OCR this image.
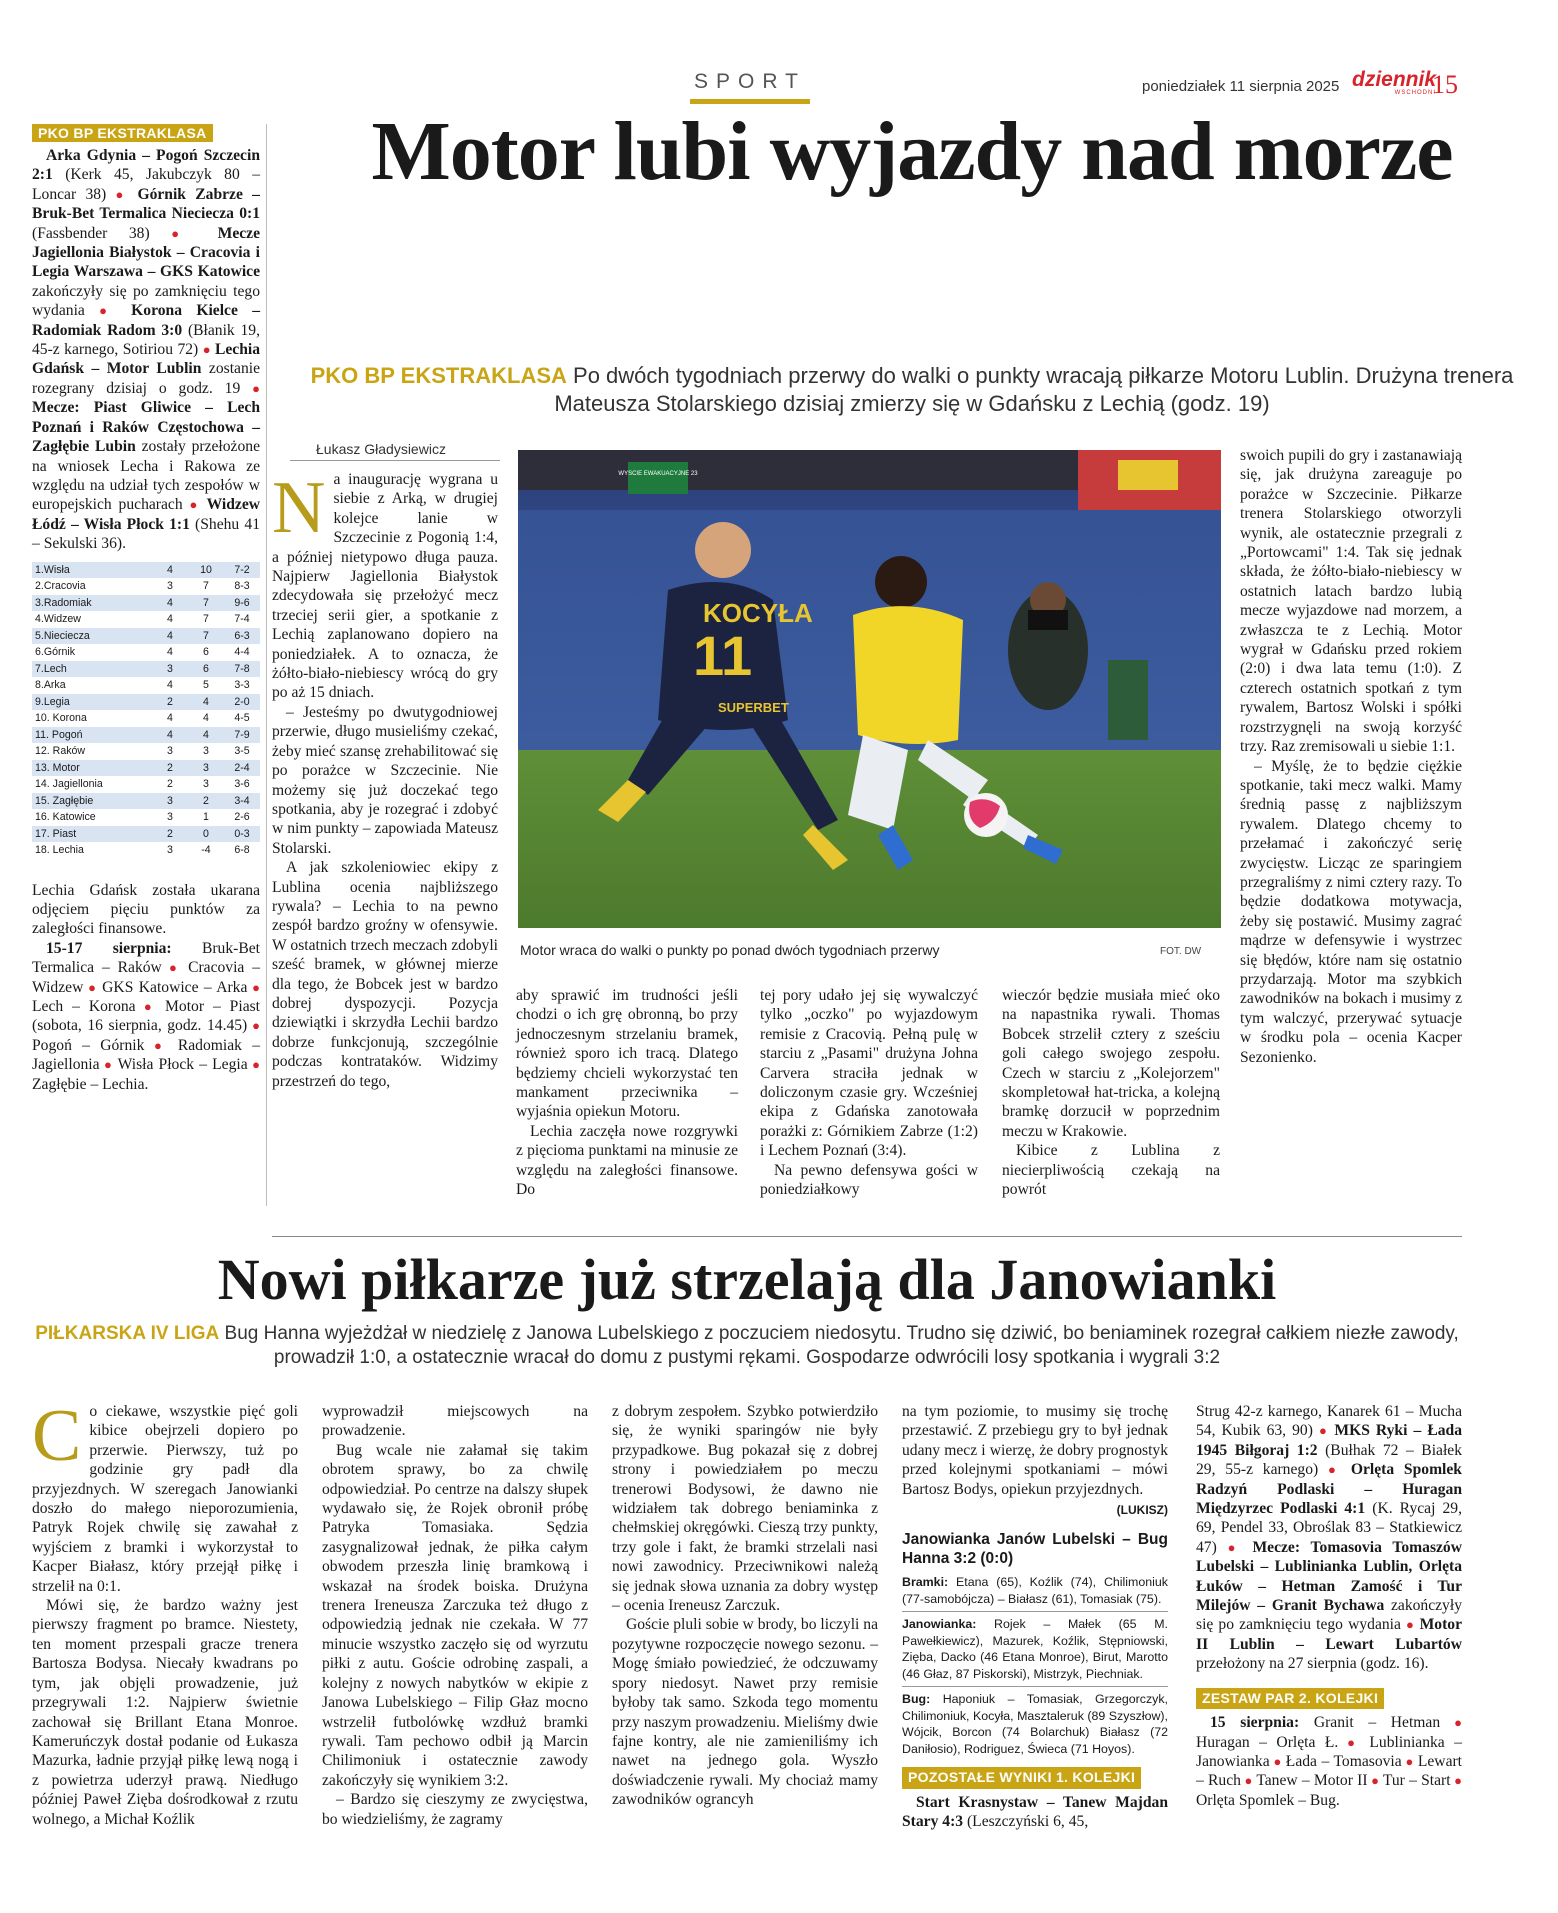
SPORT	poniedziałek 11 sierpnia 2025 dziennik
WSCHODNI
15
PKO BP EKSTRAKLASA

Arka Gdynia – Pogoń Szczecin 2:1 (Kerk 45, Jakubczyk 80 –Loncar 38) ● Górnik Zabrze – Bruk-Bet Termalica Nieciecza 0:1 (Fassbender 38) ● Mecze Jagiellonia Białystok – Cracovia i Legia Warszawa – GKS Katowice zakończyły się po zamknięciu tego wydania ● Korona Kielce – Radomiak Radom 3:0 (Błanik 19, 45-z karnego, Sotiriou 72) ● Lechia Gdańsk – Motor Lublin zostanie rozegrany dzisiaj o godz. 19 ● Mecze: Piast Gliwice – Lech Poznań i Raków Częstochowa – Zagłębie Lubin zostały przełożone na wniosek Lecha i Rakowa ze względu na udział tych zespołów w europejskich pucharach ● Widzew Łódź – Wisła Płock 1:1 (Shehu 41 – Sekulski 36).

1.Wisła	4	10	7-2
2.Cracovia	3	7	8-3
3.Radomiak	4	7	9-6
4.Widzew	4	7	7-4
5.Nieciecza	4	7	6-3
6.Górnik	4	6	4-4
7.Lech	3	6	7-8
8.Arka	4	5	3-3
9.Legia	2	4	2-0
10. Korona	4	4	4-5
11. Pogoń	4	4	7-9
12. Raków	3	3	3-5
13. Motor	2	3	2-4
14. Jagiellonia	2	3	3-6
15. Zagłębie	3	2	3-4
16. Katowice	3	1	2-6
17. Piast	2	0	0-3
18. Lechia	3	-4	6-8

Lechia Gdańsk została ukarana odjęciem pięciu punktów za zaległości finansowe.

15-17 sierpnia: Bruk-Bet Termalica – Raków ● Cracovia – Widzew ● GKS Katowice – Arka ● Lech – Korona ● Motor – Piast (sobota, 16 sierpnia, godz. 14.45) ● Pogoń – Górnik ● Radomiak – Jagiellonia ● Wisła Płock – Legia ● Zagłębie – Lechia.

Motor lubi wyjazdy nad morze
PKO BP EKSTRAKLASA Po dwóch tygodniach przerwy do walki o punkty wracają piłkarze Motoru Lublin. Drużyna trenera Mateusza Stolarskiego dzisiaj zmierzy się w Gdańsku z Lechią (godz. 19)
Łukasz Gładysiewicz
WYSCIE EWAKUACYJNE 23
KOCYŁA
11
SUPERBET
Motor wraca do walki o punkty po ponad dwóch tygodniach przerwy	FOT. DW

Na inaugurację wygrana u siebie z Arką, w drugiej kolejce lanie w Szczecinie z Pogonią 1:4, a później nietypowo długa pauza. Najpierw Jagiellonia Białystok zdecydowała się przełożyć mecz trzeciej serii gier, a spotkanie z Lechią zaplanowano dopiero na poniedziałek. A to oznacza, że żółto-biało-niebiescy wrócą do gry po aż 15 dniach.

– Jesteśmy po dwutygodniowej przerwie, długo musieliśmy czekać, żeby mieć szansę zrehabilitować się po porażce w Szczecinie. Nie możemy się już doczekać tego spotkania, aby je rozegrać i zdobyć w nim punkty – zapowiada Mateusz Stolarski.

A jak szkoleniowiec ekipy z Lublina ocenia najbliższego rywala? – Lechia to na pewno zespół bardzo groźny w ofensywie. W ostatnich trzech meczach zdobyli sześć bramek, w głównej mierze dla tego, że Bobcek jest w bardzo dobrej dyspozycji. Pozycja dziewiątki i skrzydła Lechii bardzo dobrze funkcjonują, szczególnie podczas kontrataków. Widzimy przestrzeń do tego,

aby sprawić im trudności jeśli chodzi o ich grę obronną, bo przy jednoczesnym strzelaniu bramek, również sporo ich tracą. Dlatego będziemy chcieli wykorzystać ten mankament przeciwnika – wyjaśnia opiekun Motoru.

Lechia zaczęła nowe rozgrywki z pięcioma punktami na minusie ze względu na zaległości finansowe. Do

tej pory udało jej się wywalczyć tylko „oczko" po wyjazdowym remisie z Cracovią. Pełną pulę w starciu z „Pasami" drużyna Johna Carvera straciła jednak w doliczonym czasie gry. Wcześniej ekipa z Gdańska zanotowała porażki z: Górnikiem Zabrze (1:2) i Lechem Poznań (3:4).

Na pewno defensywa gości w poniedziałkowy

wieczór będzie musiała mieć oko na napastnika rywali. Thomas Bobcek strzelił cztery z sześciu goli całego swojego zespołu. Czech w starciu z „Kolejorzem" skompletował hat-tricka, a kolejną bramkę dorzucił w poprzednim meczu w Krakowie.

Kibice z Lublina z niecierpliwością czekają na powrót

swoich pupili do gry i zastanawiają się, jak drużyna zareaguje po porażce w Szczecinie. Piłkarze trenera Stolarskiego otworzyli wynik, ale ostatecznie przegrali z „Portowcami" 1:4. Tak się jednak składa, że żółto-biało-niebiescy w ostatnich latach bardzo lubią mecze wyjazdowe nad morzem, a zwłaszcza te z Lechią. Motor wygrał w Gdańsku przed rokiem (2:0) i dwa lata temu (1:0). Z czterech ostatnich spotkań z tym rywalem, Bartosz Wolski i spółki rozstrzygnęli na swoją korzyść trzy. Raz zremisowali u siebie 1:1.

– Myślę, że to będzie ciężkie spotkanie, taki mecz walki. Mamy średnią passę z najbliższym rywalem. Dlatego chcemy to przełamać i zakończyć serię zwycięstw. Licząc ze sparingiem przegraliśmy z nimi cztery razy. To będzie dodatkowa motywacja, żeby się postawić. Musimy zagrać mądrze w defensywie i wystrzec się błędów, które nam się ostatnio przydarzają. Motor ma szybkich zawodników na bokach i musimy z tym walczyć, przerywać sytuacje w środku pola – ocenia Kacper Sezonienko.

Nowi piłkarze już strzelają dla Janowianki
PIŁKARSKA IV LIGA Bug Hanna wyjeżdżał w niedzielę z Janowa Lubelskiego z poczuciem niedosytu. Trudno się dziwić, bo beniaminek rozegrał całkiem niezłe zawody, prowadził 1:0, a ostatecznie wracał do domu z pustymi rękami. Gospodarze odwrócili losy spotkania i wygrali 3:2

Co ciekawe, wszystkie pięć goli kibice obejrzeli dopiero po przerwie. Pierwszy, tuż po godzinie gry padł dla przyjezdnych. W szeregach Janowianki doszło do małego nieporozumienia, Patryk Rojek chwilę się zawahał z wyjściem z bramki i wykorzystał to Kacper Białasz, który przejął piłkę i strzelił na 0:1.

Mówi się, że bardzo ważny jest pierwszy fragment po bramce. Niestety, ten moment przespali gracze trenera Bartosza Bodysa. Niecały kwadrans po tym, jak objęli prowadzenie, już przegrywali 1:2. Najpierw świetnie zachował się Brillant Etana Monroe. Kameruńczyk dostał podanie od Łukasza Mazurka, ładnie przyjął piłkę lewą nogą i z powietrza uderzył prawą. Niedługo później Paweł Zięba dośrodkował z rzutu wolnego, a Michał Koźlik

wyprowadził miejscowych na prowadzenie.

Bug wcale nie załamał się takim obrotem sprawy, bo za chwilę odpowiedział. Po centrze na dalszy słupek wydawało się, że Rojek obronił próbę Patryka Tomasiaka. Sędzia zasygnalizował jednak, że piłka całym obwodem przeszła linię bramkową i wskazał na środek boiska. Drużyna trenera Ireneusza Zarczuka też długo z odpowiedzią jednak nie czekała. W 77 minucie wszystko zaczęło się od wyrzutu piłki z autu. Goście odrobinę zaspali, a kolejny z nowych nabytków w ekipie z Janowa Lubelskiego – Filip Głaz mocno wstrzelił futbolówkę wzdłuż bramki rywali. Tam pechowo odbił ją Marcin Chilimoniuk i ostatecznie zawody zakończyły się wynikiem 3:2.

– Bardzo się cieszymy ze zwycięstwa, bo wiedzieliśmy, że zagramy

z dobrym zespołem. Szybko potwierdziło się, że wyniki sparingów nie były przypadkowe. Bug pokazał się z dobrej strony i powiedziałem po meczu trenerowi Bodysowi, że dawno nie widziałem tak dobrego beniaminka z chełmskiej okręgówki. Cieszą trzy punkty, trzy gole i fakt, że bramki strzelali nasi nowi zawodnicy. Przeciwnikowi należą się jednak słowa uznania za dobry występ – ocenia Ireneusz Zarczuk.

Goście pluli sobie w brody, bo liczyli na pozytywne rozpoczęcie nowego sezonu. – Mogę śmiało powiedzieć, że odczuwamy spory niedosyt. Nawet przy remisie byłoby tak samo. Szkoda tego momentu przy naszym prowadzeniu. Mieliśmy dwie fajne kontry, ale nie zamieniliśmy ich nawet na jednego gola. Wyszło doświadczenie rywali. My chociaż mamy zawodników ograncyh

na tym poziomie, to musimy się trochę przestawić. Z przebiegu gry to był jednak udany mecz i wierzę, że dobry prognostyk przed kolejnymi spotkaniami – mówi Bartosz Bodys, opiekun przyjezdnych.

(LUKISZ)
Janowianka Janów Lubelski – Bug Hanna 3:2 (0:0)
Bramki: Etana (65), Koźlik (74), Chilimoniuk (77-samobójcza) – Białasz (61), Tomasiak (75).
Janowianka: Rojek – Małek (65 M. Pawełkiewicz), Mazurek, Koźlik, Stępniowski, Zięba, Dacko (46 Etana Monroe), Birut, Marotto (46 Głaz, 87 Piskorski), Mistrzyk, Piechniak.
Bug: Haponiuk – Tomasiak, Grzegorczyk, Chilimoniuk, Kocyła, Masztaleruk (89 Szyszłow), Wójcik, Borcon (74 Bolarchuk) Białasz (72 Daniłosio), Rodriguez, Świeca (71 Hoyos).
POZOSTAŁE WYNIKI 1. KOLEJKI

Start Krasnystaw – Tanew Majdan Stary 4:3 (Leszczyński 6, 45,

Strug 42-z karnego, Kanarek 61 – Mucha 54, Kubik 63, 90) ● MKS Ryki – Łada 1945 Biłgoraj 1:2 (Bułhak 72 – Białek 29, 55-z karnego) ● Orlęta Spomlek Radzyń Podlaski – Huragan Międzyrzec Podlaski 4:1 (K. Rycaj 29, 69, Pendel 33, Obroślak 83 – Statkiewicz 47) ● Mecze: Tomasovia Tomaszów Lubelski – Lublinianka Lublin, Orlęta Łuków – Hetman Zamość i Tur Milejów – Granit Bychawa zakończyły się po zamknięciu tego wydania ● Motor II Lublin – Lewart Lubartów przełożony na 27 sierpnia (godz. 16).

ZESTAW PAR 2. KOLEJKI

15 sierpnia: Granit – Hetman ● Huragan – Orlęta Ł. ● Lublinianka – Janowianka ● Łada – Tomasovia ● Lewart – Ruch ● Tanew – Motor II ● Tur – Start ● Orlęta Spomlek – Bug.
